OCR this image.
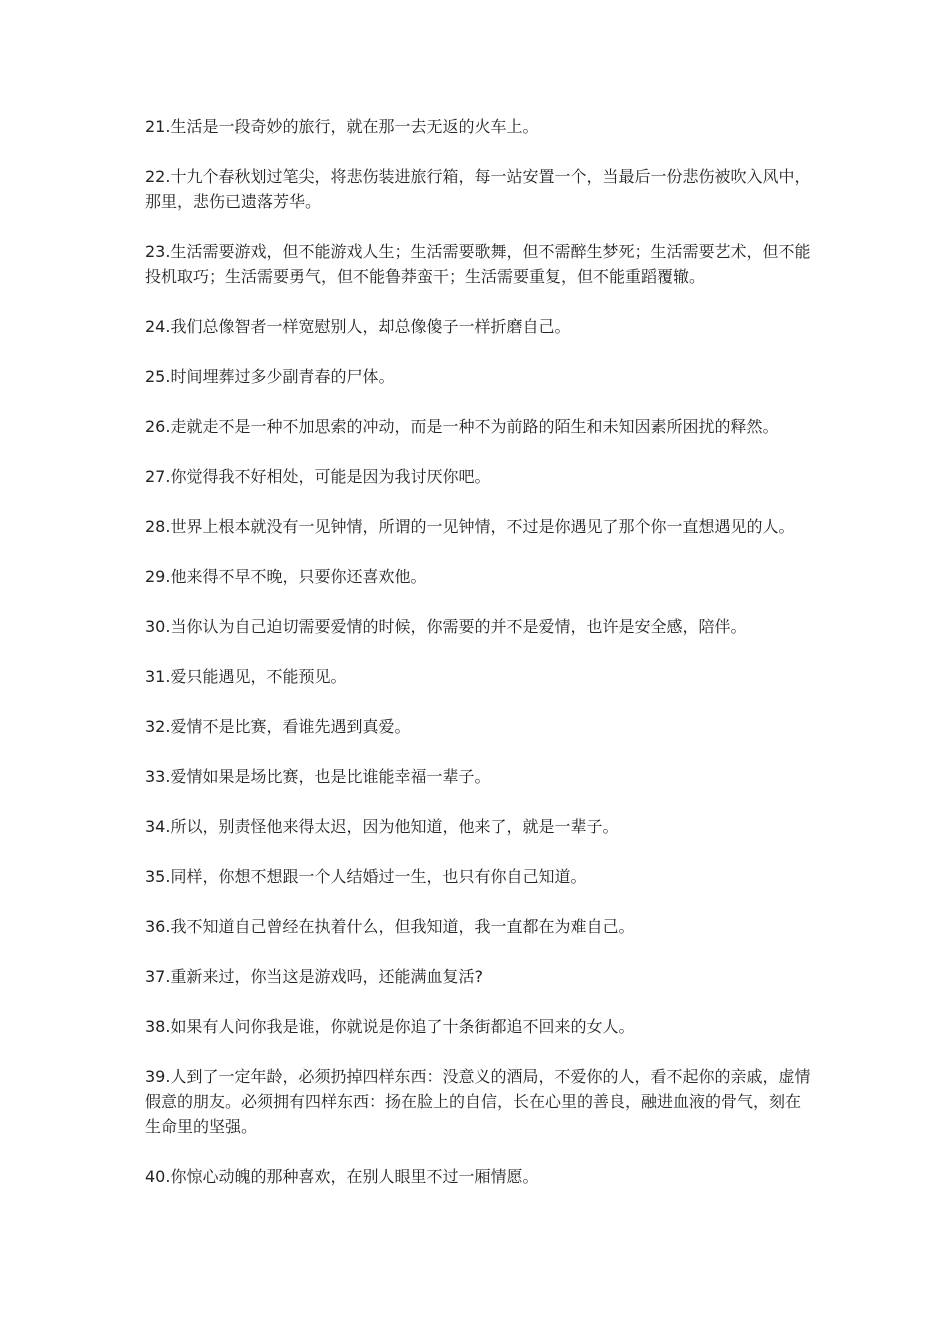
21.生活是一段奇妙的旅行，就在那一去无返的火车上。

22.十九个春秋划过笔尖，将悲伤装进旅行箱，每一站安置一个，当最后一份悲伤被吹入风中，那里，悲伤已遗落芳华。

23.生活需要游戏，但不能游戏人生；生活需要歌舞，但不需醉生梦死；生活需要艺术，但不能投机取巧；生活需要勇气，但不能鲁莽蛮干；生活需要重复，但不能重蹈覆辙。

24.我们总像智者一样宽慰别人，却总像傻子一样折磨自己。

25.时间埋葬过多少副青春的尸体。

26.走就走不是一种不加思索的冲动，而是一种不为前路的陌生和未知因素所困扰的释然。

27.你觉得我不好相处，可能是因为我讨厌你吧。

28.世界上根本就没有一见钟情，所谓的一见钟情，不过是你遇见了那个你一直想遇见的人。

29.他来得不早不晚，只要你还喜欢他。

30.当你认为自己迫切需要爱情的时候，你需要的并不是爱情，也许是安全感，陪伴。

31.爱只能遇见，不能预见。

32.爱情不是比赛，看谁先遇到真爱。

33.爱情如果是场比赛，也是比谁能幸福一辈子。

34.所以，别责怪他来得太迟，因为他知道，他来了，就是一辈子。

35.同样，你想不想跟一个人结婚过一生，也只有你自己知道。

36.我不知道自己曾经在执着什么，但我知道，我一直都在为难自己。

37.重新来过，你当这是游戏吗，还能满血复活?

38.如果有人问你我是谁，你就说是你追了十条街都追不回来的女人。

39.人到了一定年龄，必须扔掉四样东西：没意义的酒局，不爱你的人，看不起你的亲戚，虚情假意的朋友。必须拥有四样东西：扬在脸上的自信，长在心里的善良，融进血液的骨气，刻在生命里的坚强。

40.你惊心动魄的那种喜欢，在别人眼里不过一厢情愿。
